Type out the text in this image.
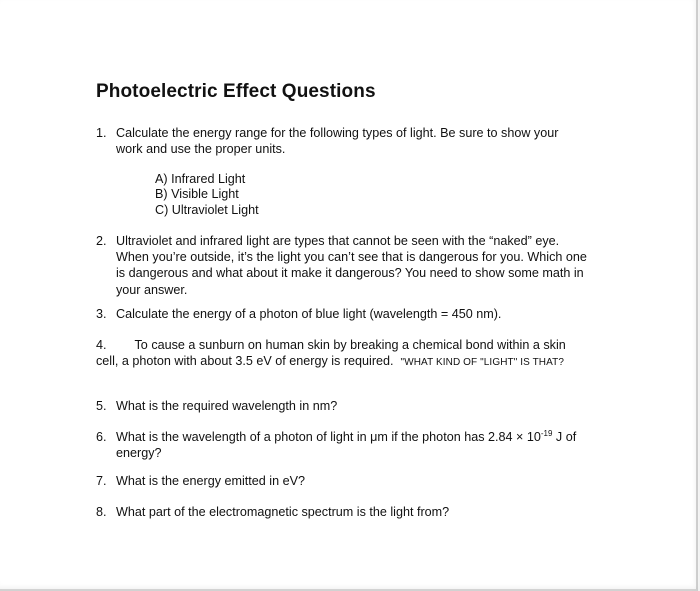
Photoelectric Effect Questions
1. Calculate the energy range for the following types of light. Be sure to show your
work and use the proper units.
A) Infrared Light
B) Visible Light
C) Ultraviolet Light
2. Ultraviolet and infrared light are types that cannot be seen with the “naked” eye.
When you’re outside, it’s the light you can’t see that is dangerous for you. Which one
is dangerous and what about it make it dangerous? You need to show some math in
your answer.
3. Calculate the energy of a photon of blue light (wavelength = 450 nm).
4. To cause a sunburn on human skin by breaking a chemical bond within a skin
cell, a photon with about 3.5 eV of energy is required. "WHAT KIND OF "LIGHT" IS THAT?
5. What is the required wavelength in nm?
6. What is the wavelength of a photon of light in μm if the photon has $2.84 \times 10^{-19}$ J of
energy?
7. What is the energy emitted in eV?
8. What part of the electromagnetic spectrum is the light from?
